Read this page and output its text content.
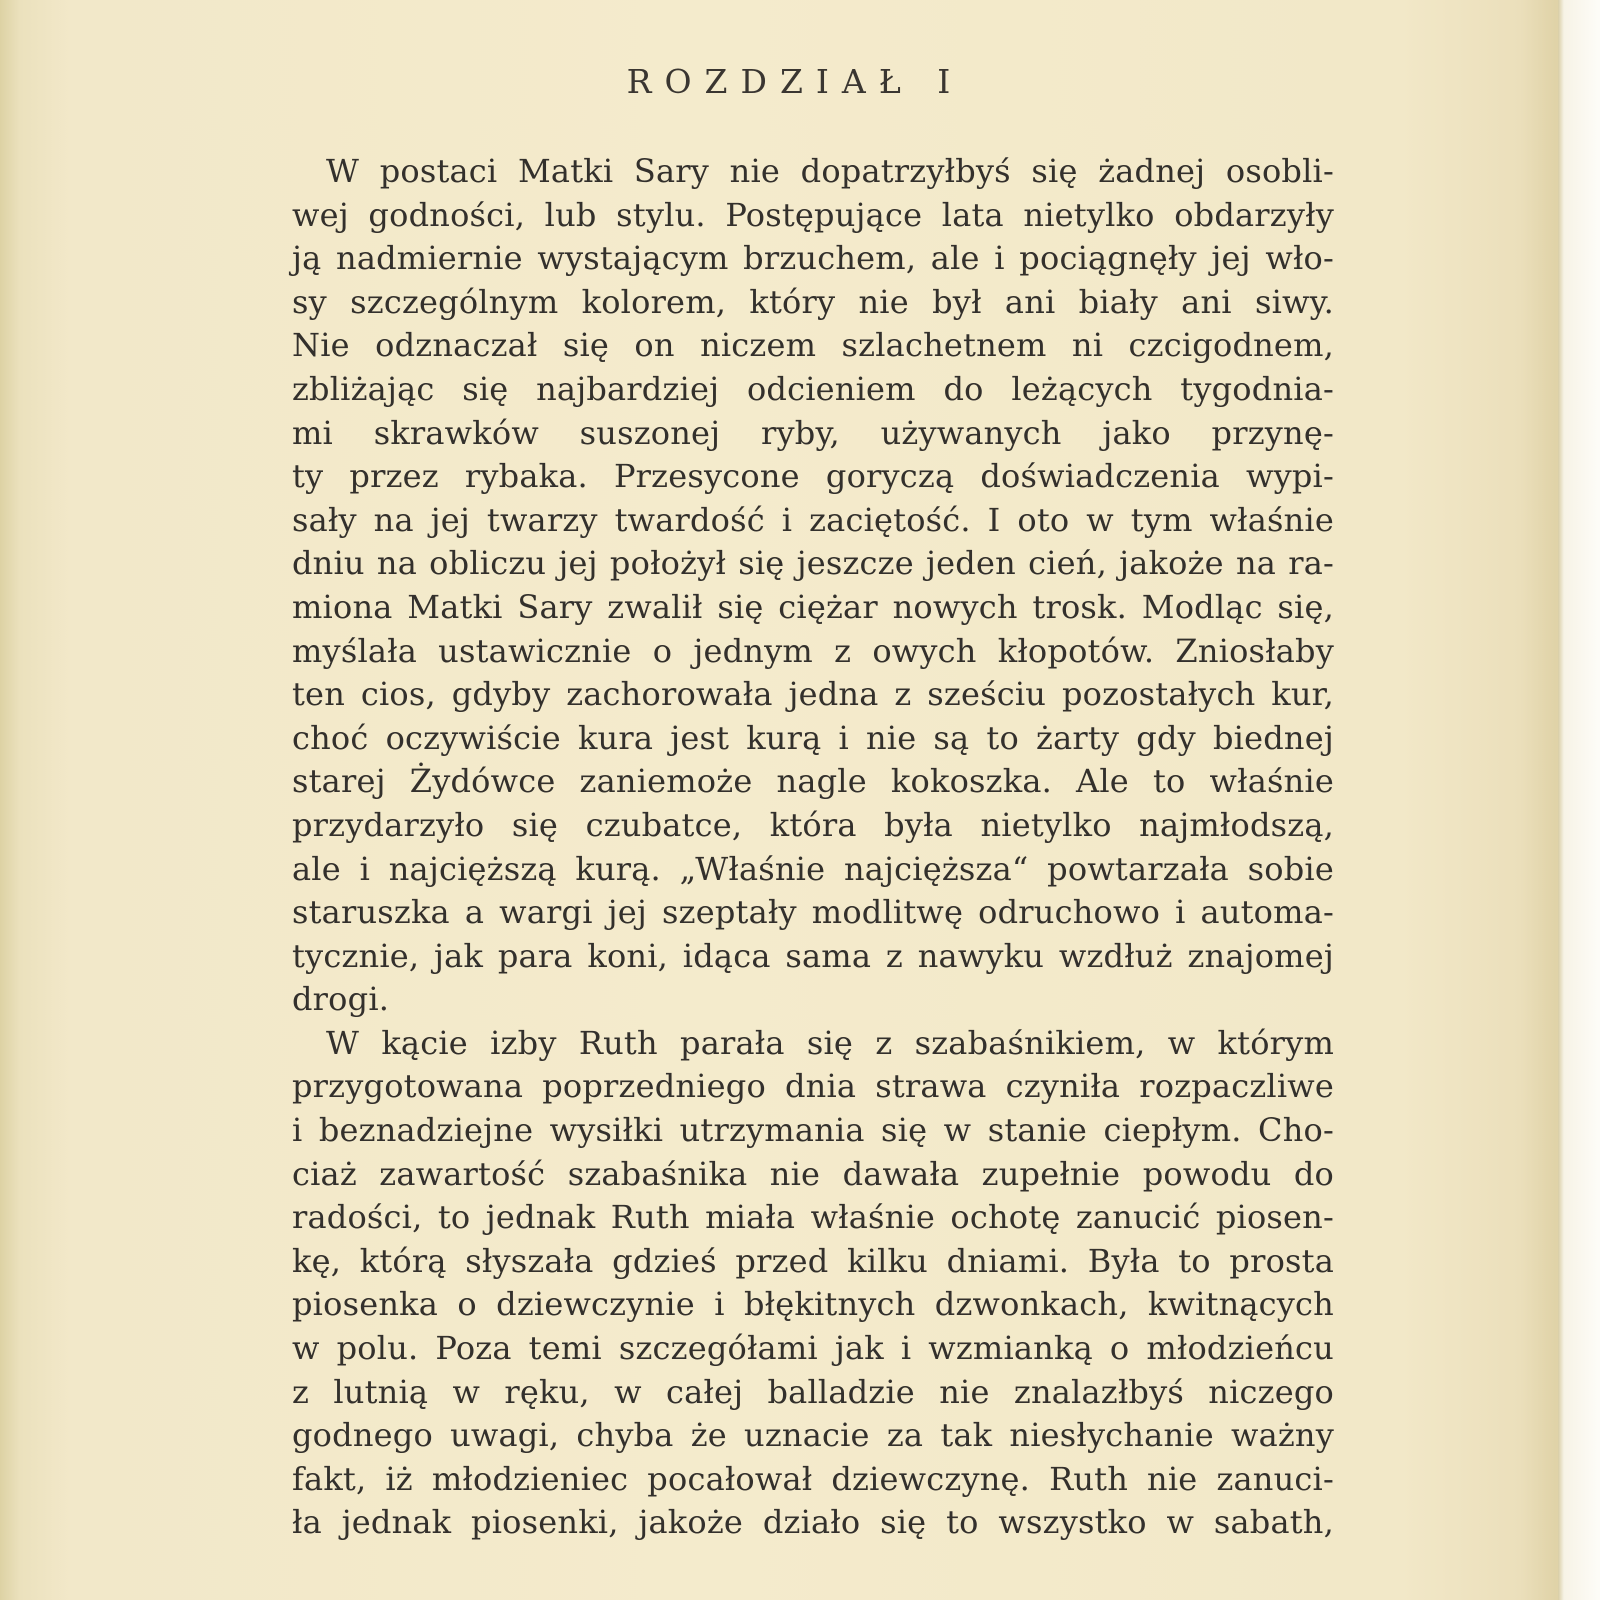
ROZDZIAŁ I
W postaci Matki Sary nie dopatrzyłbyś się żadnej osobli-
wej godności, lub stylu. Postępujące lata nietylko obdarzyły
ją nadmiernie wystającym brzuchem, ale i pociągnęły jej wło-
sy szczególnym kolorem, który nie był ani biały ani siwy.
Nie odznaczał się on niczem szlachetnem ni czcigodnem,
zbliżając się najbardziej odcieniem do leżących tygodnia-
mi skrawków suszonej ryby, używanych jako przynę-
ty przez rybaka. Przesycone goryczą doświadczenia wypi-
sały na jej twarzy twardość i zaciętość. I oto w tym właśnie
dniu na obliczu jej położył się jeszcze jeden cień, jakoże na ra-
miona Matki Sary zwalił się ciężar nowych trosk. Modląc się,
myślała ustawicznie o jednym z owych kłopotów. Zniosłaby
ten cios, gdyby zachorowała jedna z sześciu pozostałych kur,
choć oczywiście kura jest kurą i nie są to żarty gdy biednej
starej Żydówce zaniemoże nagle kokoszka. Ale to właśnie
przydarzyło się czubatce, która była nietylko najmłodszą,
ale i najcięższą kurą. „Właśnie najcięższa“ powtarzała sobie
staruszka a wargi jej szeptały modlitwę odruchowo i automa-
tycznie, jak para koni, idąca sama z nawyku wzdłuż znajomej
drogi.
W kącie izby Ruth parała się z szabaśnikiem, w którym
przygotowana poprzedniego dnia strawa czyniła rozpaczliwe
i beznadziejne wysiłki utrzymania się w stanie ciepłym. Cho-
ciaż zawartość szabaśnika nie dawała zupełnie powodu do
radości, to jednak Ruth miała właśnie ochotę zanucić piosen-
kę, którą słyszała gdzieś przed kilku dniami. Była to prosta
piosenka o dziewczynie i błękitnych dzwonkach, kwitnących
w polu. Poza temi szczegółami jak i wzmianką o młodzieńcu
z lutnią w ręku, w całej balladzie nie znalazłbyś niczego
godnego uwagi, chyba że uznacie za tak niesłychanie ważny
fakt, iż młodzieniec pocałował dziewczynę. Ruth nie zanuci-
ła jednak piosenki, jakoże działo się to wszystko w sabath,
